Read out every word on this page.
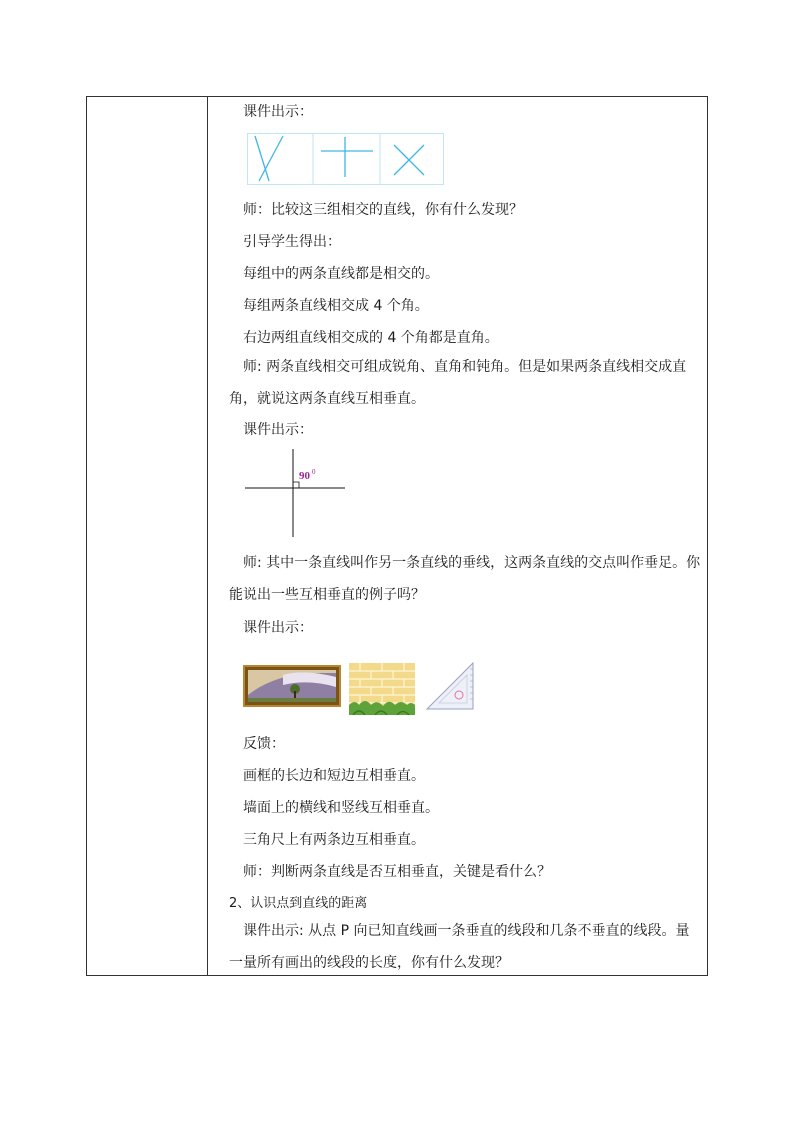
课件出示：
师：比较这三组相交的直线，你有什么发现？
引导学生得出：
每组中的两条直线都是相交的。
每组两条直线相交成 4 个角。
右边两组直线相交成的 4 个角都是直角。
师: 两条直线相交可组成锐角、直角和钝角。但是如果两条直线相交成直角，就说这两条直线互相垂直。
课件出示：
90 0
师: 其中一条直线叫作另一条直线的垂线，这两条直线的交点叫作垂足。你能说出一些互相垂直的例子吗？
课件出示：
反馈：
画框的长边和短边互相垂直。
墙面上的横线和竖线互相垂直。
三角尺上有两条边互相垂直。
师：判断两条直线是否互相垂直，关键是看什么？
2、认识点到直线的距离
课件出示: 从点 P 向已知直线画一条垂直的线段和几条不垂直的线段。量一量所有画出的线段的长度，你有什么发现？
